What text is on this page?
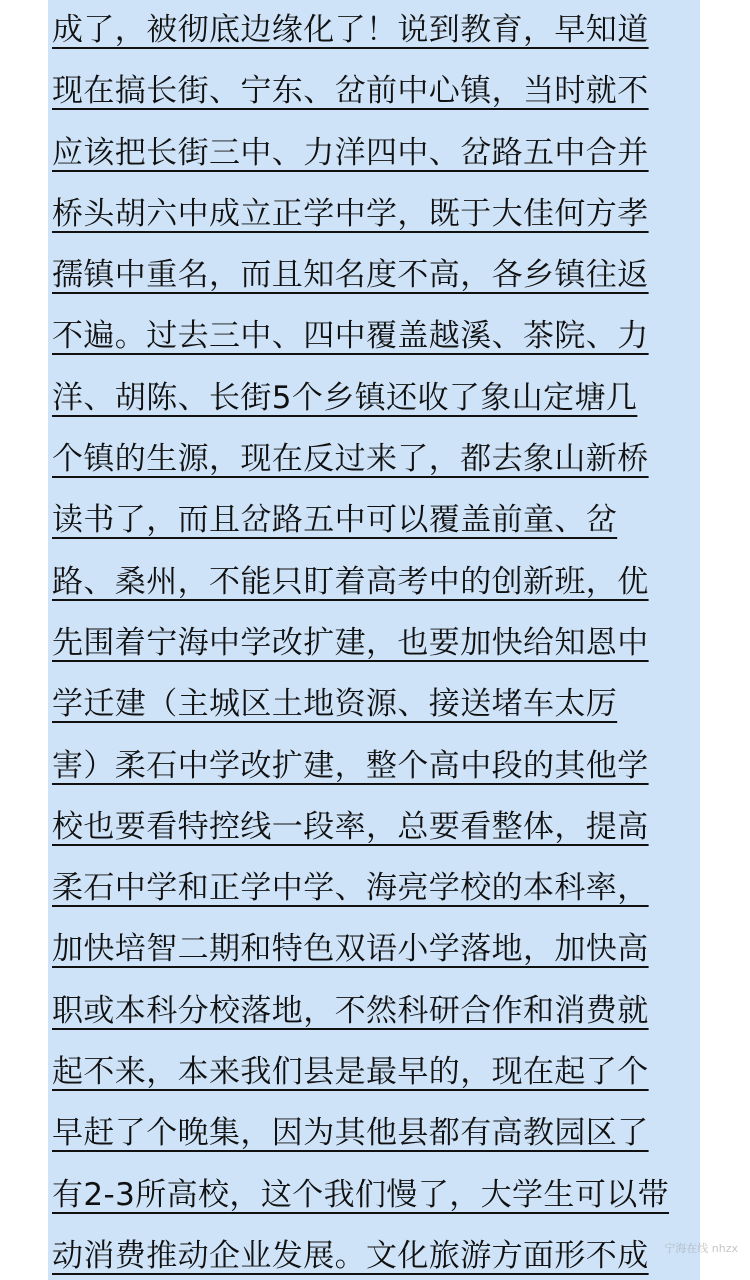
成了，被彻底边缘化了！说到教育，早知道
现在搞长街、宁东、岔前中心镇，当时就不
应该把长街三中、力洋四中、岔路五中合并
桥头胡六中成立正学中学，既于大佳何方孝
孺镇中重名，而且知名度不高，各乡镇往返
不遍。过去三中、四中覆盖越溪、茶院、力
洋、胡陈、长街5个乡镇还收了象山定塘几
个镇的生源，现在反过来了，都去象山新桥
读书了，而且岔路五中可以覆盖前童、岔
路、桑州，不能只盯着高考中的创新班，优
先围着宁海中学改扩建，也要加快给知恩中
学迁建（主城区土地资源、接送堵车太厉
害）柔石中学改扩建，整个高中段的其他学
校也要看特控线一段率，总要看整体，提高
柔石中学和正学中学、海亮学校的本科率，
加快培智二期和特色双语小学落地，加快高
职或本科分校落地，不然科研合作和消费就
起不来，本来我们县是最早的，现在起了个
早赶了个晚集，因为其他县都有高教园区了
有2-3所高校，这个我们慢了，大学生可以带
动消费推动企业发展。文化旅游方面形不成	宁海在线 nhzx
